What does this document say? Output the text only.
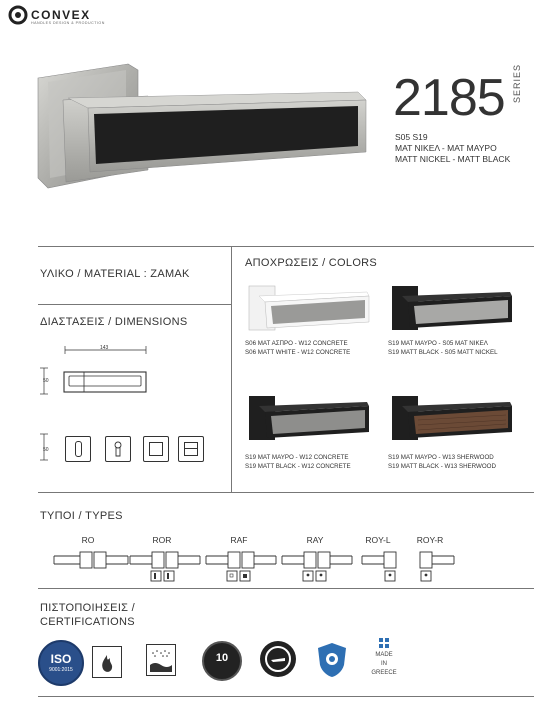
CONVEX
HANDLES DESIGN & PRODUCTION
2185 SERIES
S05 S19
ΜΑΤ ΝΙΚΕΛ - ΜΑΤ ΜΑΥΡΟ
MATT NICKEL - MATT BLACK
ΥΛΙΚΟ / MATERIAL : ZAMAK
ΔΙΑΣΤΑΣΕΙΣ / DIMENSIONS
143
50
50
ΑΠΟΧΡΩΣΕΙΣ / COLORS
S06 ΜΑΤ ΑΣΠΡΟ - W12 CONCRETE
S06 MATT WHITE - W12 CONCRETE
S19 ΜΑΤ ΜΑΥΡΟ - S05 ΜΑΤ ΝΙΚΕΛ
S19 MATT BLACK - S05 MATT NICKEL
S19 ΜΑΤ ΜΑΥΡΟ - W12 CONCRETE
S19 MATT BLACK - W12 CONCRETE
S19 ΜΑΤ ΜΑΥΡΟ - W13 SHERWOOD
S19 MATT BLACK - W13 SHERWOOD
ΤΥΠΟΙ / TYPES
RO	ROR	RAF	RAY	ROY-L	ROY-R
ΠΙΣΤΟΠΟΙΗΣΕΙΣ /
CERTIFICATIONS
ISO
9001:2015
10	MADE
IN
GREECE
